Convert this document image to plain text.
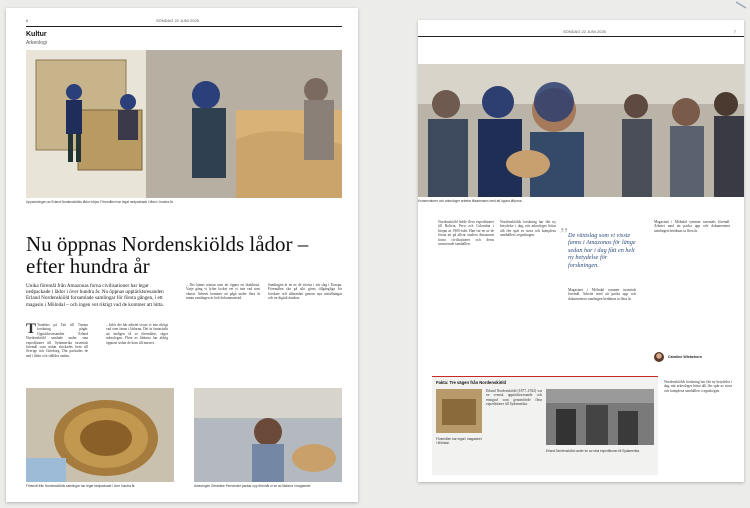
6	SÖNDAG 22 JUNI 2025
Kultur
Arkeologi
Uppackningen av Erland Nordenskiölds lådor börjar. Föremålen har legat nedpackade i lådor i hundra år.
Nu öppnas Nordenskiölds lådor – efter hundra år
Unika föremål från Amazonas forna civilisationer har legat nedpackade i lådor i över hundra år. Nu öppnas upptäcktsresanden Erland Nordenskiöld forsamlade samlingar för första gången, i ett magasin i Mölndal – och ingen vet riktigt vad de kommer att hitta.
T Tranbärs på Tatt till Timms forskning pågår. Upptäcktsresanden Erland Nordenskiöld samlade under sina expeditioner till Sydamerika tusentals föremål som sedan skickades hem till Sverige och Göteborg. Där packades de ned i lådor och ställdes undan.
– Inför det här arbetet visste vi inte riktigt vad som fanns i lådorna. Det är fantastiskt att äntligen få se föremålen, säger arkeologen. Flera av lådorna har aldrig öppnats sedan de kom till museet.
– Det känns nästan som att öppna en skattkista. Varje gång vi lyfter locket vet vi inte vad som väntar. Arbetet kommer att pågå under flera år innan samlingen är helt dokumenterad.
Samlingen är en av de största i sitt slag i Europa. Föremålen ska på sikt göras tillgängliga för forskare och allmänhet genom nya utställningar och en digital databas.
Föremål från Nordenskiölds samlingar har legat nedpackade i över hundra år.	Arkeologen Geraldine Fernández packar upp föremål ur en av lådorna i magasinet.
SÖNDAG 22 JUNI 2025	7
Konservatorer och arkeologer arbetar tillsammans med att öppna lådorna.
Nordenskiöld ledde flera expeditioner till Bolivia, Peru och Colombia i början av 1900-talet. Han var en av de första att på allvar studera Amazonas forna civilisationer och deras avancerade samhällen.
Nordenskiölds forskning har fått ny betydelse i dag, när arkeologer hittar allt fler spår av stora och komplexa samhällen i regnskogen.	” De växtslag som vi visste fanns i Amazonas för länge sedan har i dag fått en helt ny betydelse för forskningen.
Magasinet i Mölndal rymmer tusentals föremål. Arbetet med att packa upp och dokumentera samlingen beräknas ta flera år.
Magasinet i Mölndal rymmer tusentals föremål. Arbetet med att packa upp och dokumentera samlingen beräknas ta flera år.
Caroline Wiebehorn
Fakta: Tre vägen från Nordenskiöld
Erland Nordenskiöld (1877–1932) var en svensk upptäcktsresande och etnograf som genomförde flera expeditioner till Sydamerika.
Föremålen har legat i magasinet i Mölndal.
Erland Nordenskiöld under en av sina expeditioner till Sydamerika.
Nordenskiölds forskning har fått ny betydelse i dag, när arkeologer hittar allt fler spår av stora och komplexa samhällen i regnskogen.
